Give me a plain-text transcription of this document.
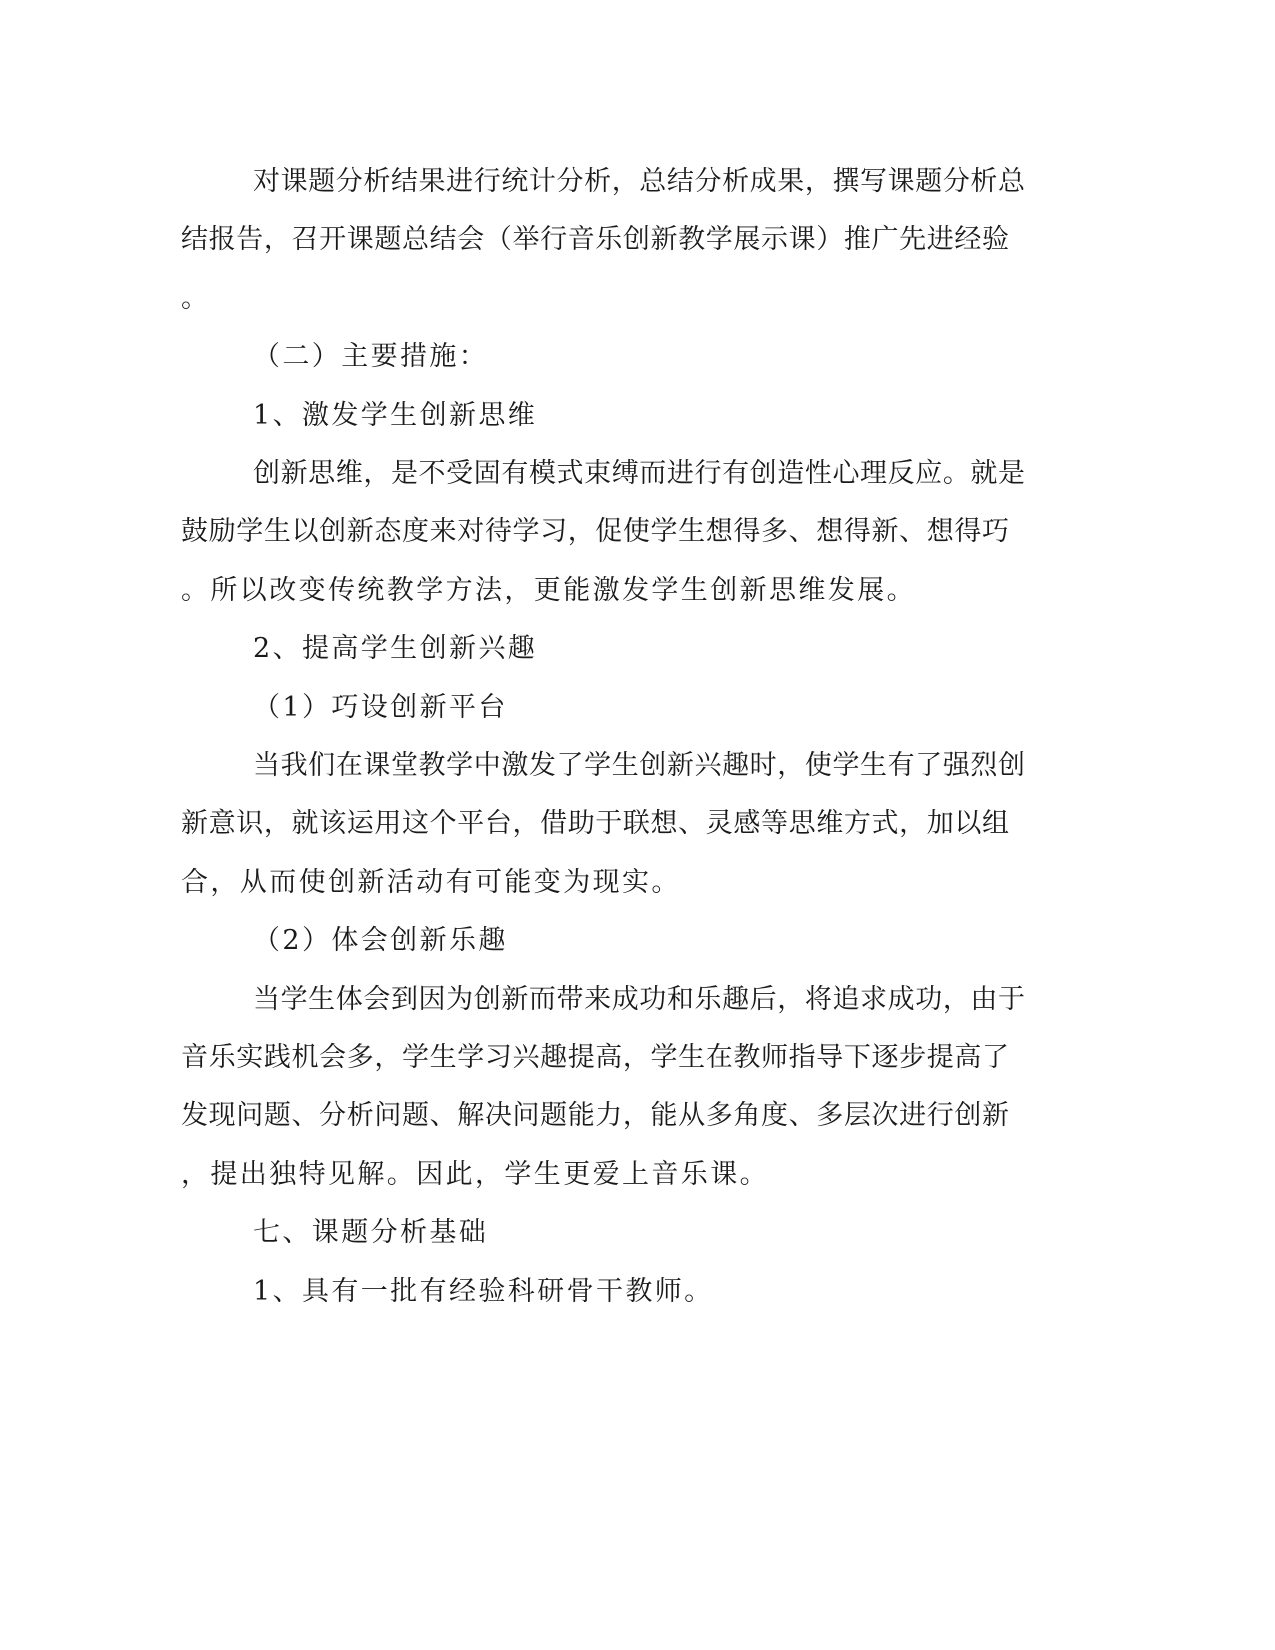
对课题分析结果进行统计分析，总结分析成果，撰写课题分析总

结报告，召开课题总结会（举行音乐创新教学展示课）推广先进经验

。

（二）主要措施：

1、激发学生创新思维

创新思维，是不受固有模式束缚而进行有创造性心理反应。就是

鼓励学生以创新态度来对待学习，促使学生想得多、想得新、想得巧

。所以改变传统教学方法，更能激发学生创新思维发展。

2、提高学生创新兴趣

（1）巧设创新平台

当我们在课堂教学中激发了学生创新兴趣时，使学生有了强烈创

新意识，就该运用这个平台，借助于联想、灵感等思维方式，加以组

合，从而使创新活动有可能变为现实。

（2）体会创新乐趣

当学生体会到因为创新而带来成功和乐趣后，将追求成功，由于

音乐实践机会多，学生学习兴趣提高，学生在教师指导下逐步提高了

发现问题、分析问题、解决问题能力，能从多角度、多层次进行创新

，提出独特见解。因此，学生更爱上音乐课。

七、课题分析基础

1、具有一批有经验科研骨干教师。
